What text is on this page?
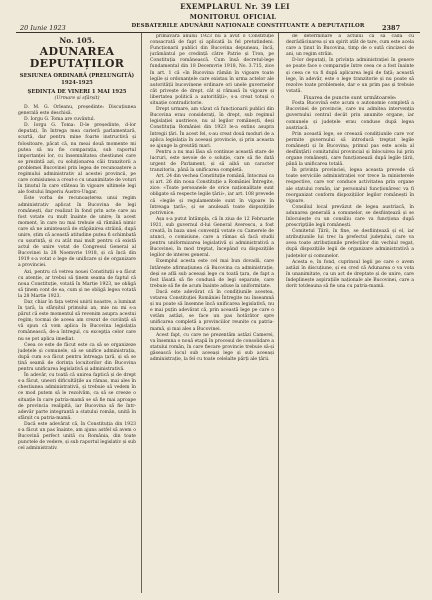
EXEMPLARUL Nr. 39 LEI
MONITORUL OFICIAL
20 Iunie 1923	DESBATERILE ADUNĂRII NAȚIONALE CONSTITUANTE A DEPUTAȚILOR	2387
No. 105.
ADUNAREA DEPUTAȚILOR
SESIUNEA ORDINARĂ (PRELUNGITĂ) 1924-1925
ȘEDINȚA DE VINERI 1 MAI 1925
(Urmare și sfârșit)

D. M. G. Orleanu, președinte: Discuțiunea generală este deschisă.

D. Iorgu G. Toma are cuvântul.

D. Iorgu G. Toma: D-le președinte, d-lor deputați, În întrega mea carieră parlamentară, scurtă, dar pentru mine foarte instructivă și folositoare, păcat că, nu meai două momente mi putea să nu fie comparația, sub raportul importanței lor, cu însemnătatea chestiunei care se prezintă azi, cu soluționarea căii tranzitorii a problemei Bucovinei prin legea de recunoaștere a regimului administrativ al acestei provincii, pe care comisiunea a creat-o cu unanimitate de voturi în ținutul în care stăteau în vigoare ultimele legi ale fostului Imperiu Austro-Ungar.

Este vorba de recunoașterea unui regim administrativ aplicat în Bucovina de legi românești, dar realizat în fond prin acte care au fost votate cu mult înainte de unire; în acest moment, în care nu mai trebuie să rămână nimic care să ne amintească de stăpânirea străină, după unire, știm că această atitudine putea fi schimbată cu ușurință, și cu atât mai mult pentru că există actul de unire votat de Congresul General al Bucovinei la 28 Noemvrie 1918, și că încă din 1919 s-a votat o lege de unificare și de organizare a provinciei.

Azi, pentru că vetrea nouei Constituții s-a făcut cu atenție, ar trebui să ținem seama de faptul că noua Constituție, votată în Martie 1923, ne obligă să ținem cont de ea, cum și ne obligă legea votată la 28 Martie 1923.

Dar, chiar în fața vetrei unirii noastre, a luminat în țară, la sfârșitul primului an, mie nu mi s-a părut că este momentul să revenim asupra acestui regim; tocmai de aceea am crezut de cuviință să vă spun că vom aplica în Bucovina legislația românească, de-a întregul, cu excepția celor care nu se pot aplica imediat.

Ceea ce este de făcut este ca să se organizeze județele și comunele, să se unifice administrația, după cum s-a făcut pentru întreaga țară, și să se țină seamă de dorința locuitorilor din Bucovina pentru unificarea legislativă și administrativă.

În adevăr, cu toată că unirea faptică și de drept s-a făcut, uneori dificultățile au rămas, mai ales în chestiunea administrativă, și trebuie să vedem în ce mod putem să le rezolvăm, ca să se creeze o situație în care patria-mamă se să fie mai aproape de provincia realipită, iar Bucovina să fie într-adevăr parte integrantă a statului român, unită în sfârșit cu patria-mamă.

Dacă este adevărat că, în Constituția din 1923 s-a făcut un pas înainte, am ajuns astfel să avem o Bucovină perfect unită cu România, din toate punctele de vedere, și sub raportul legislativ și sub cel administrativ.

primăvara anului 1923 nu a avut o Constituție consacrată de fapt și aplicată la fel pretutindeni. Funcționarii publici din Bucovina depuneau, încă, jurământul pe credință către Patrie și Tron, pe Constituția românească. Cum însă decretul-lege fundamental din 18 Decemvrie 1918, No. 3.715, zice în art. 1 că «în Bucovina rămân în vigoare toate legile și ordonanțele care existau în urma actelor ale autorității bucovinene ordinare ori unele guvernelor cât privește de drept, cât și rămasă în vigoare și libertatea politică a autorității», s-a creat totuși o situație contradictorie.

Drept urmare, am văzut că funcționarii publici din Bucovina erau considerați, în drept, sub regimul legislației austriece, nu al legilor românești, deși Constituția României din 1923 le-a extins asupra întregii țări. În acest fel, s-au creat două moduri de a aplica legislația în aceeași provincie, și prin aceasta se ajunge la greutăți mari.

Pentru a nu mai lăsa să continue această stare de lucruri, este nevoie de o soluție, care să fie dată urgent de Parlament, și să aibă un caracter tranzitoriu, până la unificarea completă.

Art. 24 din vechea Constituție română, întocmai ca și art. 26 din noua Constituție a României Întregite, zice: «Toate persoanele de orice naționalitate sunt obligate să respecte legile țării», iar art. 108 prevede că «legile și regulamentele sunt în vigoare în întreaga țară», și se anulează toate dispozițiile potrivnice.

Așa s-a putut întâmpla, că în ziua de 12 Februarie 1921, sub guvernul d-lui General Averescu, a fost creată, în baza unei convenții votate cu Camerele de atunci, o comisiune, care a rămas să facă studii pentru uniformizarea legislativă și administrativă a Bucovinei, în mod treptat, începând cu dispozițiile legilor de interes general.

Exemplul acesta este cel mai bun dovadă, care întărește afirmațiunea că Bucovina ca administrație, deși se află sub aceeași lege cu toată țara, de fapt a fost lăsată să fie condusă de legi separate, care trebuie să fie de acum înainte aduse la uniformitate.

Dacă este adevărat că în condițiunile acestea, votarea Constituției României Întregite nu înseamnă și nu poate să însemne încă unificarea legislativă, nu e mai puțin adevărat că, prin această lege pe care o votăm astăzi, se face un pas hotărâtor spre unificarea completă a provinciilor reunite cu patria-mamă, și mai ales a Bucovinei.

Acest fapt, cu care ne prezentăm astăzi Camerei, va însemna o nouă etapă în procesul de consolidare a statului român, în care fiecare provincie trebuie să-și găsească locul sub aceeași lege și sub aceeași administrație, la fel cu toate celelalte părți ale țării.

de determinare a actului ca să cadă cu dezrădăcinarea și un spirit atât de tare, cum este acela care a ținut în Bucovina, timp de o sută cincizeci de ani, un regim străin.

D-lor deputați, în privința administrației în genere se poate face o comparație între ceea ce a fost înainte și ceea ce va fi după aplicarea legii de față; această lege, în adevăr, este o lege tranzitorie și nu poate să rezolve toate problemele, dar e un prim pas și trebuie votată.

Fixarea de puncte sunt următoarele:

Fosta Bucovină este acum o autonomie completă a Bucovinei de provincie, care nu admitea intervenția guvernului central decât prin anumite organe, iar comunele și județele erau conduse după legea austriacă.

Prin această lege, se creează condițiunile care vor permite guvernului să introducă treptat legile românești și în Bucovina; primul pas este acela al desființării comitatului provincial și înlocuirea lui prin organe românești, care funcționează după legile țării, până la unificarea totală.

În privința provinciei, legea aceasta prevede că toate serviciile administrației vor trece la ministerele respective, care vor conduce activitatea prin organe ale statului român, iar personalul funcționăresc va fi reorganizat conform dispozițiilor legilor românești în vigoare.

Consiliul local prevăzut de legea austriacă, în adunarea generală a comunelor, se desființează și se înlocuiește cu un consiliu care va funcționa după prescripțiile legii românești.

Comitetul Țării, în fine, se desființează și el, iar atribuțiunile lui trec la prefectul județului, care va avea toate atribuțiunile prefecților din vechiul regat, după dispozițiile legii de organizare administrativă a județelor și comunelor.

Acesta e, în fond, cuprinsul legii pe care o avem astăzi în discuțiune, și eu cred că Adunarea o va vota în unanimitate, ca un act de dreptate și de unire, care îndeplinește aspirațiile naționale ale Bucovinei, care a dorit totdeauna să fie una cu patria-mamă.
